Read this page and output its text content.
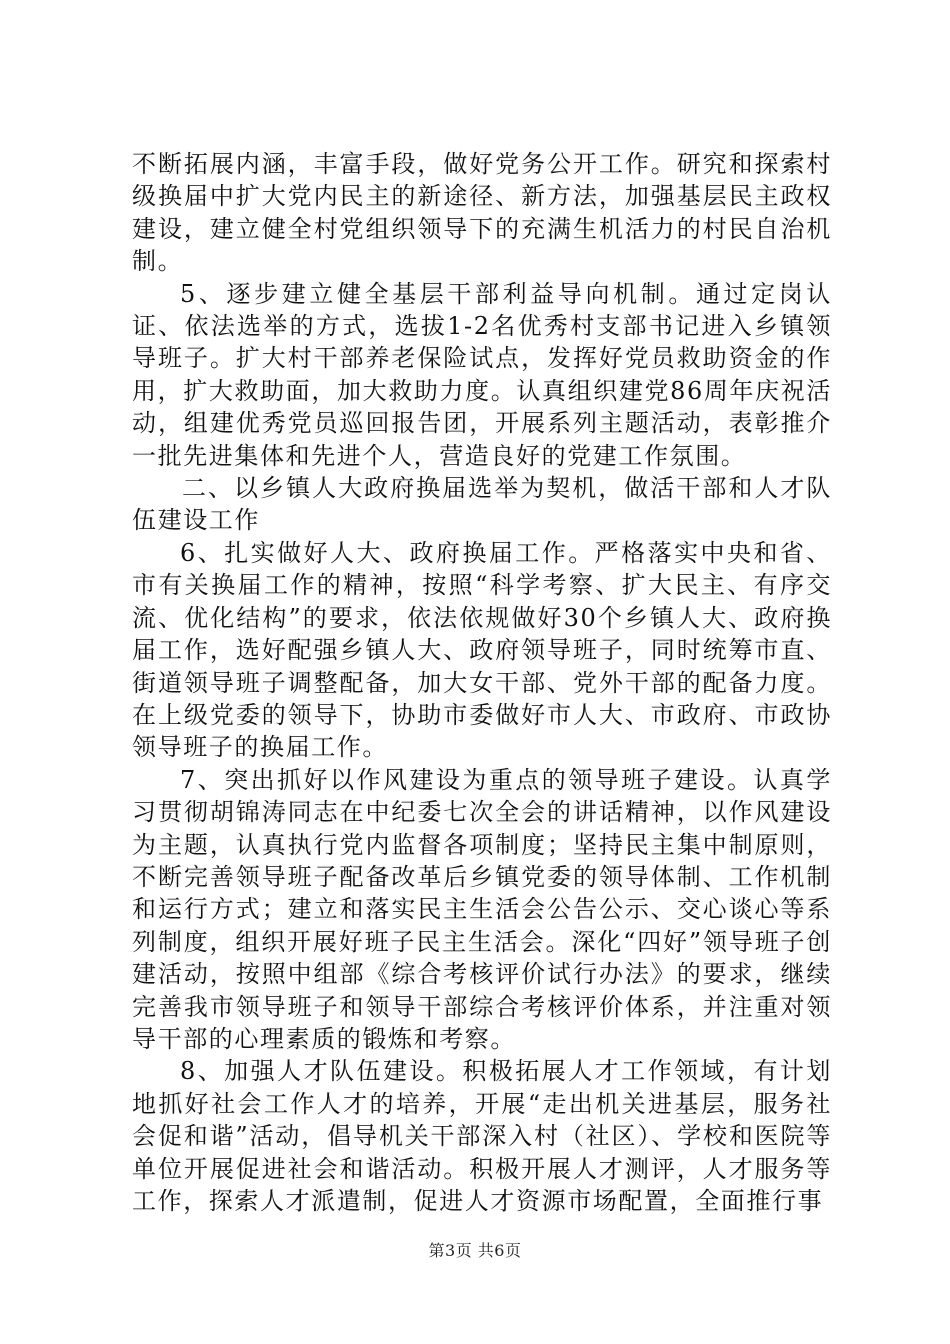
不断拓展内涵，丰富手段，做好党务公开工作。研究和探索村级换届中扩大党内民主的新途径、新方法，加强基层民主政权建设，建立健全村党组织领导下的充满生机活力的村民自治机制。

5、逐步建立健全基层干部利益导向机制。通过定岗认证、依法选举的方式，选拔1-2名优秀村支部书记进入乡镇领导班子。扩大村干部养老保险试点，发挥好党员救助资金的作用，扩大救助面，加大救助力度。认真组织建党86周年庆祝活动，组建优秀党员巡回报告团，开展系列主题活动，表彰推介一批先进集体和先进个人，营造良好的党建工作氛围。

二、以乡镇人大政府换届选举为契机，做活干部和人才队伍建设工作

6、扎实做好人大、政府换届工作。严格落实中央和省、市有关换届工作的精神，按照“科学考察、扩大民主、有序交流、优化结构”的要求，依法依规做好30个乡镇人大、政府换届工作，选好配强乡镇人大、政府领导班子，同时统筹市直、街道领导班子调整配备，加大女干部、党外干部的配备力度。在上级党委的领导下，协助市委做好市人大、市政府、市政协领导班子的换届工作。

7、突出抓好以作风建设为重点的领导班子建设。认真学习贯彻胡锦涛同志在中纪委七次全会的讲话精神，以作风建设为主题，认真执行党内监督各项制度；坚持民主集中制原则，不断完善领导班子配备改革后乡镇党委的领导体制、工作机制和运行方式；建立和落实民主生活会公告公示、交心谈心等系列制度，组织开展好班子民主生活会。深化“四好”领导班子创建活动，按照中组部《综合考核评价试行办法》的要求，继续完善我市领导班子和领导干部综合考核评价体系，并注重对领导干部的心理素质的锻炼和考察。

8、加强人才队伍建设。积极拓展人才工作领域，有计划地抓好社会工作人才的培养，开展“走出机关进基层，服务社会促和谐”活动，倡导机关干部深入村（社区）、学校和医院等单位开展促进社会和谐活动。积极开展人才测评，人才服务等工作，探索人才派遣制，促进人才资源市场配置，全面推行事

第3页 共6页
